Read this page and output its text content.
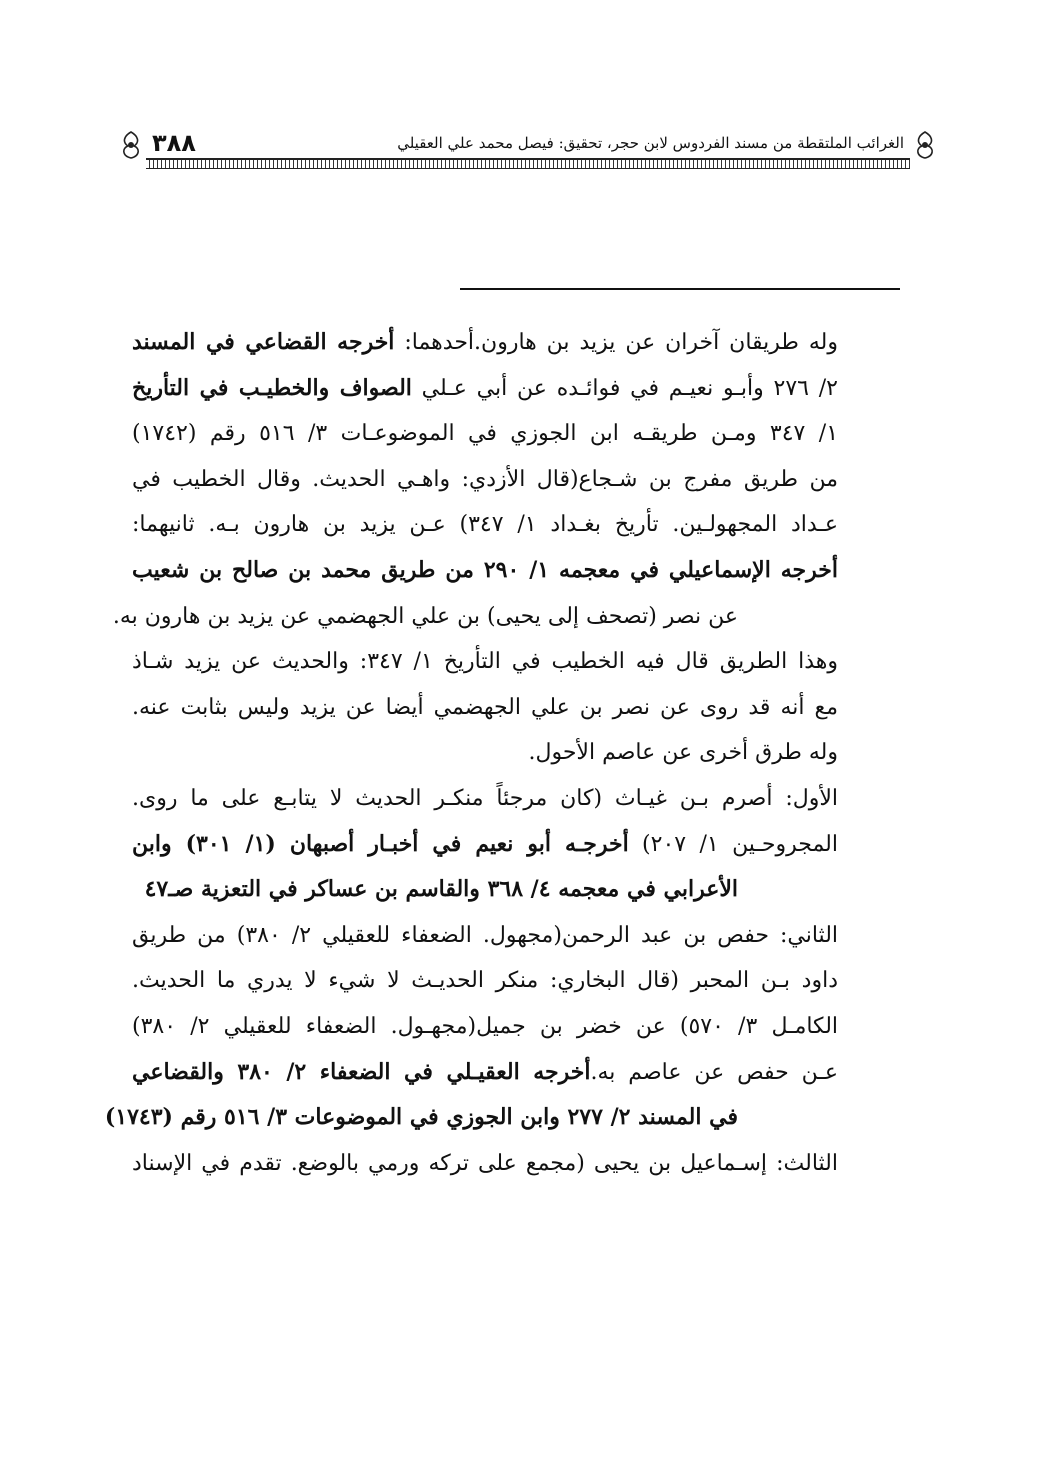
الغرائب الملتقطة من مسند الفردوس لابن حجر، تحقيق: فيصل محمد علي العقيلي
٣٨٨
وله طريقان آخران عن يزيد بن هارون.أحدهما: أخرجه القضاعي في المسند
٢/ ٢٧٦ وأبـو نعيـم في فوائـده عن أبي عـلي الصواف والخطيـب في التأريخ
١/ ٣٤٧ ومـن طريقـه ابن الجوزي في الموضوعـات ٣/ ٥١٦ رقم (١٧٤٢)
من طريق مفرج بن شـجاع(قال الأزدي: واهـي الحديث. وقال الخطيب في
عـداد المجهولـين. تأريخ بغـداد ١/ ٣٤٧) عـن يزيد بن هارون بـه. ثانيهما:
أخرجه الإسماعيلي في معجمه ١/ ٢٩٠ من طريق محمد بن صالح بن شعيب
عن نصر (تصحف إلى يحيى) بن علي الجهضمي عن يزيد بن هارون به.
وهذا الطريق قال فيه الخطيب في التأريخ ١/ ٣٤٧: والحديث عن يزيد شـاذ
مع أنه قد روى عن نصر بن علي الجهضمي أيضا عن يزيد وليس بثابت عنه.
وله طرق أخرى عن عاصم الأحول.
الأول: أصرم بـن غيـاث (كان مرجئاً منكـر الحديث لا يتابـع على ما روى.
المجروحـين ١/ ٢٠٧) أخرجـه أبو نعيم في أخبـار أصبهان (١/ ٣٠١) وابن
الأعرابي في معجمه ٤/ ٣٦٨ والقاسم بن عساكر في التعزية صـ٤٧
الثاني: حفص بن عبد الرحمن(مجهول. الضعفاء للعقيلي ٢/ ٣٨٠) من طريق
داود بـن المحبر (قال البخاري: منكر الحديـث لا شيء لا يدري ما الحديث.
الكامـل ٣/ ٥٧٠) عن خضر بن جميل(مجهـول. الضعفاء للعقيلي ٢/ ٣٨٠)
عـن حفص عن عاصم به.أخرجه العقيـلي في الضعفاء ٢/ ٣٨٠ والقضاعي
في المسند ٢/ ٢٧٧ وابن الجوزي في الموضوعات ٣/ ٥١٦ رقم (١٧٤٣)
الثالث: إسـماعيل بن يحيى (مجمع على تركه ورمي بالوضع. تقدم في الإسناد
